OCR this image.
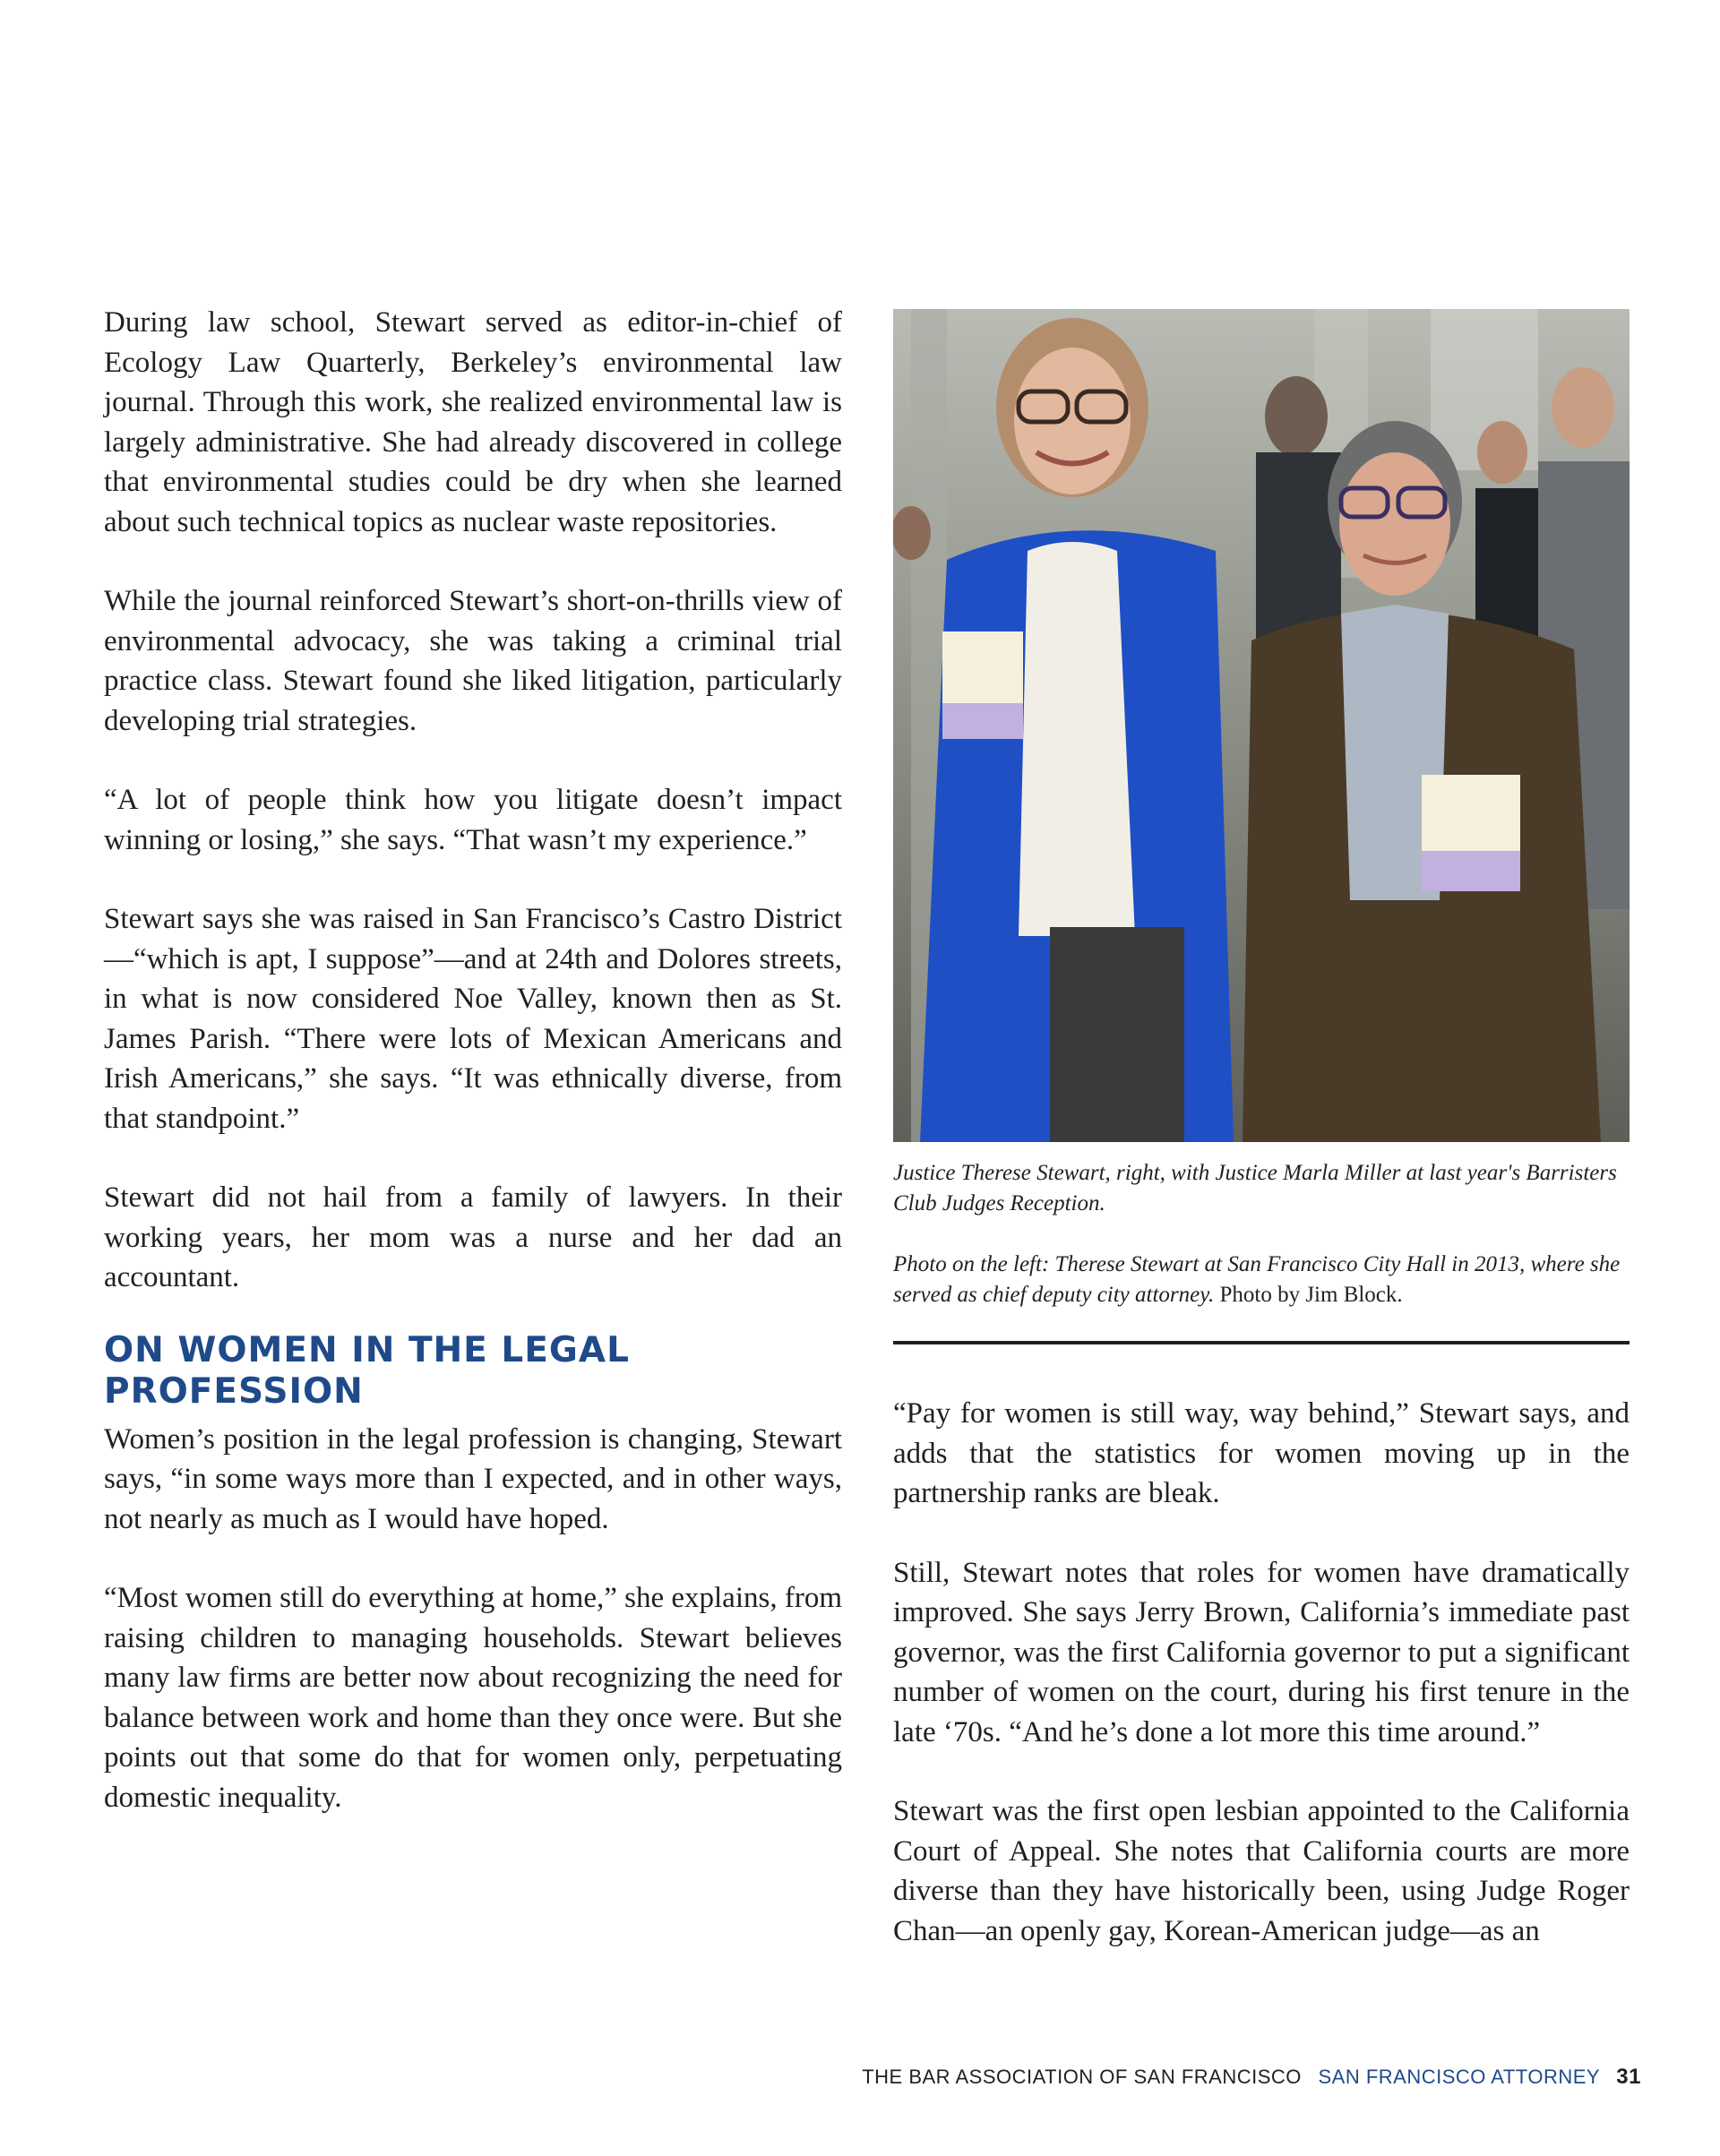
During law school, Stewart served as editor-in-chief of Ecology Law Quarterly, Berkeley’s environmental law journal. Through this work, she realized environmental law is largely administrative. She had already discovered in college that environmental studies could be dry when she learned about such technical topics as nuclear waste repositories.

While the journal reinforced Stewart’s short-on-thrills view of environmental advocacy, she was taking a criminal trial practice class. Stewart found she liked litigation, particularly developing trial strategies.

“A lot of people think how you litigate doesn’t impact winning or losing,” she says. “That wasn’t my experience.”

Stewart says she was raised in San Francisco’s Castro District—“which is apt, I suppose”—and at 24th and Dolores streets, in what is now considered Noe Valley, known then as St. James Parish. “There were lots of Mexican Americans and Irish Americans,” she says. “It was ethnically diverse, from that standpoint.”

Stewart did not hail from a family of lawyers. In their working years, her mom was a nurse and her dad an accountant.

ON WOMEN IN THE LEGAL PROFESSION

Women’s position in the legal profession is changing, Stewart says, “in some ways more than I expected, and in other ways, not nearly as much as I would have hoped.

“Most women still do everything at home,” she explains, from raising children to managing households. Stewart believes many law firms are better now about recognizing the need for balance between work and home than they once were. But she points out that some do that for women only, perpetuating domestic inequality.

Justice Therese Stewart, right, with Justice Marla Miller at last year's Barristers Club Judges Reception.

Photo on the left: Therese Stewart at San Francisco City Hall in 2013, where she served as chief deputy city attorney. Photo by Jim Block.

“Pay for women is still way, way behind,” Stewart says, and adds that the statistics for women moving up in the partnership ranks are bleak.

Still, Stewart notes that roles for women have dramatically improved. She says Jerry Brown, California’s immediate past governor, was the first California governor to put a significant number of women on the court, during his first tenure in the late ‘70s. “And he’s done a lot more this time around.”

Stewart was the first open lesbian appointed to the California Court of Appeal. She notes that California courts are more diverse than they have historically been, using Judge Roger Chan—an openly gay, Korean-American judge—as an

THE BAR ASSOCIATION OF SAN FRANCISCO SAN FRANCISCO ATTORNEY 31
